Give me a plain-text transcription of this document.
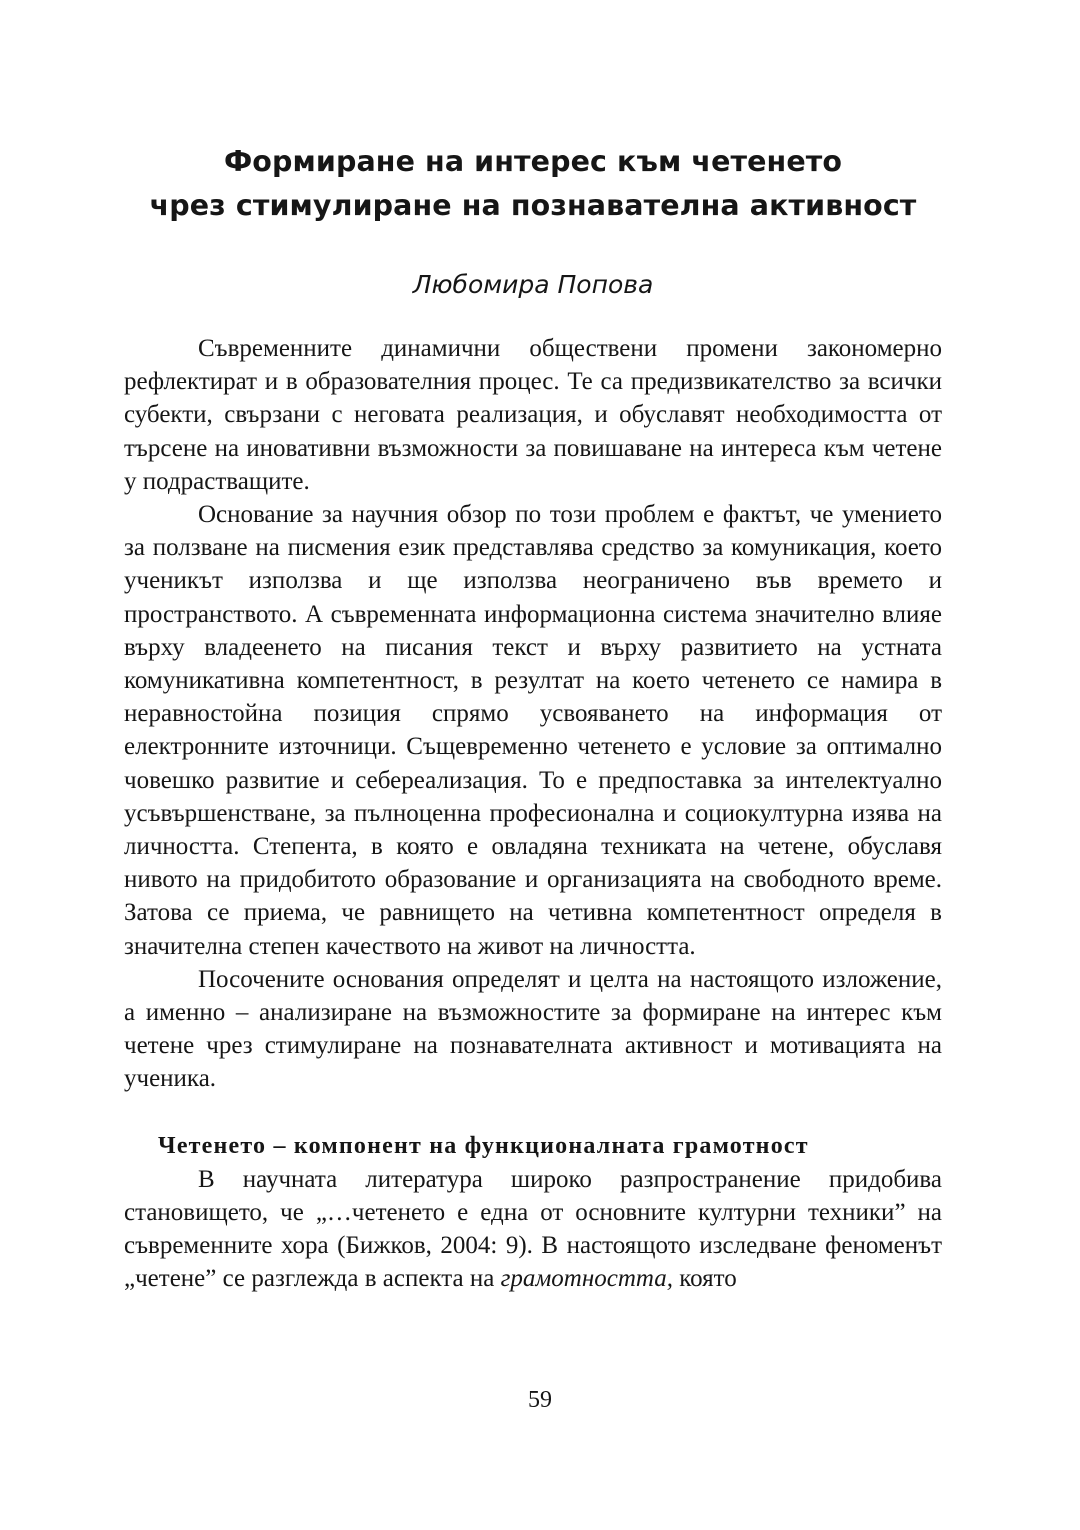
Формиране на интерес към четенето
чрез стимулиране на познавателна активност

Любомира Попова

Съвременните динамични обществени промени закономерно рефлектират и в образователния процес. Те са предизвикателство за всички субекти, свързани с неговата реализация, и обуславят необходимостта от търсене на иновативни възможности за повишаване на интереса към четене у подрастващите.

Основание за научния обзор по този проблем е фактът, че умението за ползване на писмения език представлява средство за комуникация, което ученикът използва и ще използва неограничено във времето и пространството. А съвременната информационна система значително влияе върху владеенето на писания текст и върху развитието на устната комуникативна компетентност, в резултат на което четенето се намира в неравностойна позиция спрямо усвояването на информация от електронните източници. Същевременно четенето е условие за оптимално човешко развитие и себереализация. То е предпоставка за интелектуално усъвършенстване, за пълноценна професионална и социокултурна изява на личността. Степента, в която е овладяна техниката на четене, обуславя нивото на придобитото образование и организацията на свободното време. Затова се приема, че равнището на четивна компетентност определя в значителна степен качеството на живот на личността.

Посочените основания определят и целта на настоящото изложение, а именно – анализиране на възможностите за формиране на интерес към четене чрез стимулиране на познавателната активност и мотивацията на ученика.

Четенето – компонент на функционалната грамотност

В научната литература широко разпространение придобива становището, че „…четенето е една от основните културни техники” на съвременните хора (Бижков, 2004: 9). В настоящото изследване феноменът „четене” се разглежда в аспекта на грамотността, която

59
